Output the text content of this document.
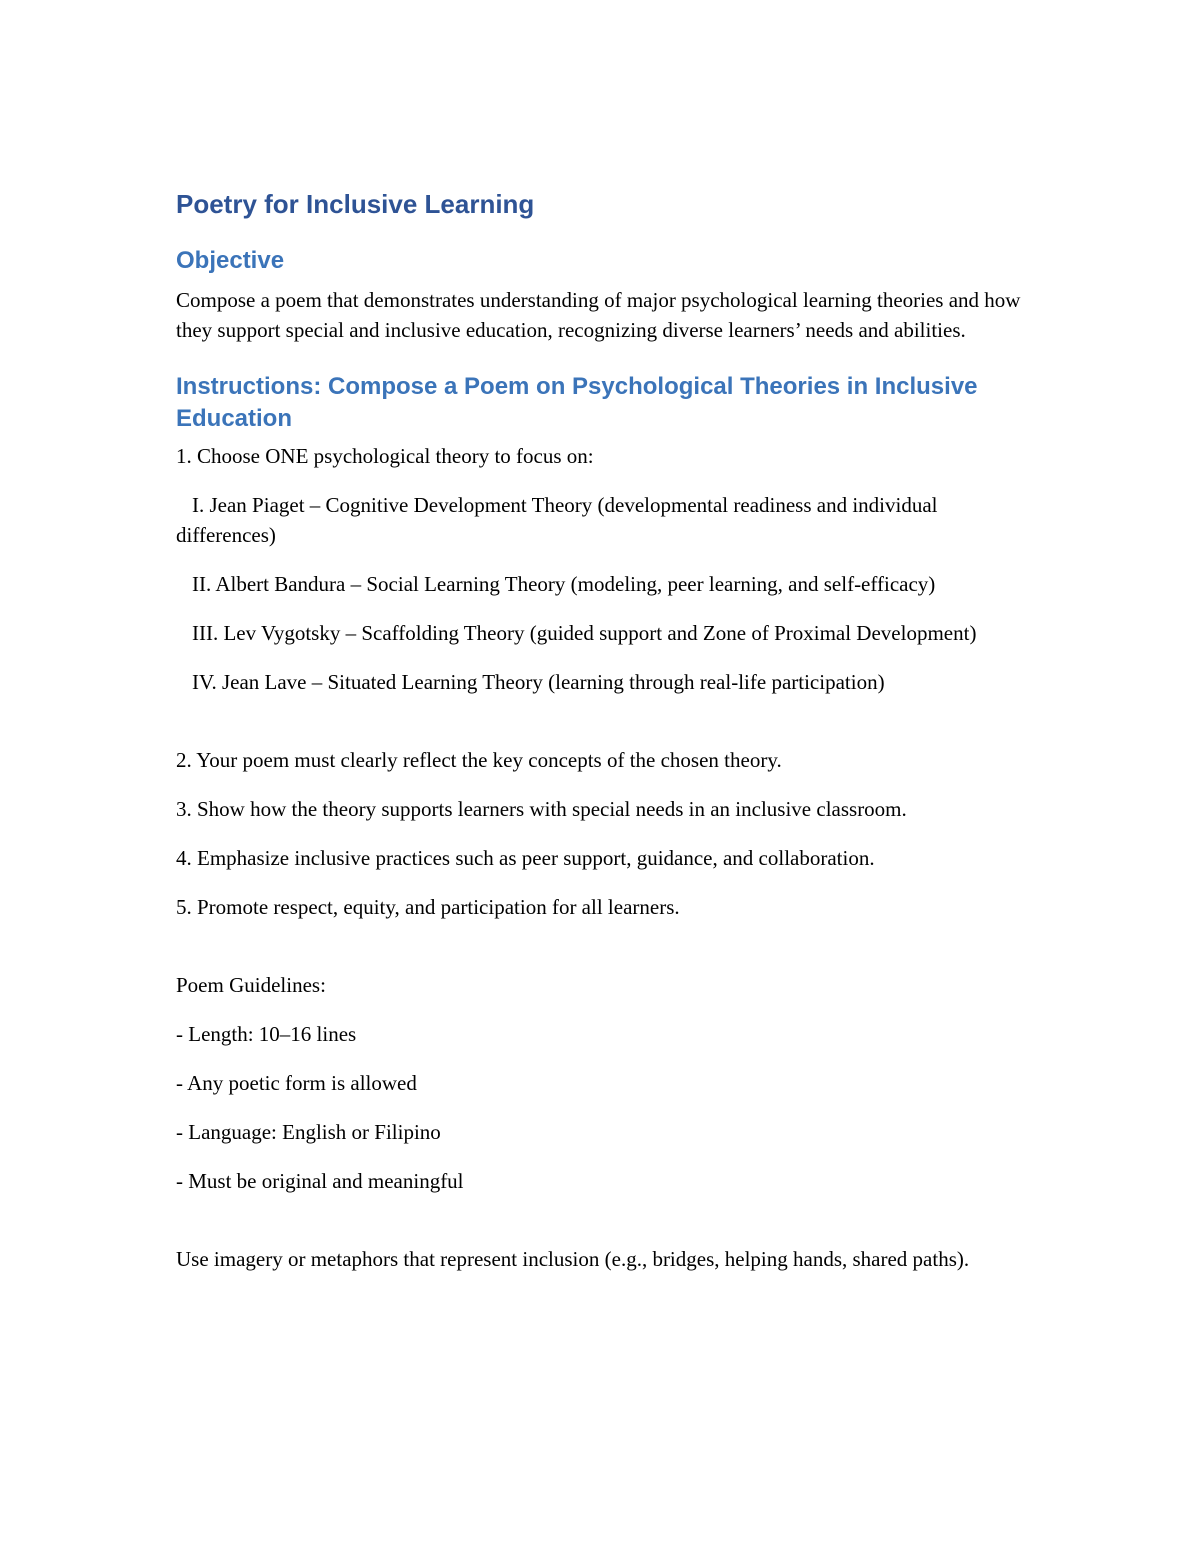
Poetry for Inclusive Learning
Objective

Compose a poem that demonstrates understanding of major psychological learning theories and how they support special and inclusive education, recognizing diverse learners’ needs and abilities.

Instructions: Compose a Poem on Psychological Theories in Inclusive Education

1. Choose ONE psychological theory to focus on:

I. Jean Piaget – Cognitive Development Theory (developmental readiness and individual differences)

II. Albert Bandura – Social Learning Theory (modeling, peer learning, and self-efficacy)

III. Lev Vygotsky – Scaffolding Theory (guided support and Zone of Proximal Development)

IV. Jean Lave – Situated Learning Theory (learning through real-life participation)

2. Your poem must clearly reflect the key concepts of the chosen theory.

3. Show how the theory supports learners with special needs in an inclusive classroom.

4. Emphasize inclusive practices such as peer support, guidance, and collaboration.

5. Promote respect, equity, and participation for all learners.

Poem Guidelines:

- Length: 10–16 lines

- Any poetic form is allowed

- Language: English or Filipino

- Must be original and meaningful

Use imagery or metaphors that represent inclusion (e.g., bridges, helping hands, shared paths).
